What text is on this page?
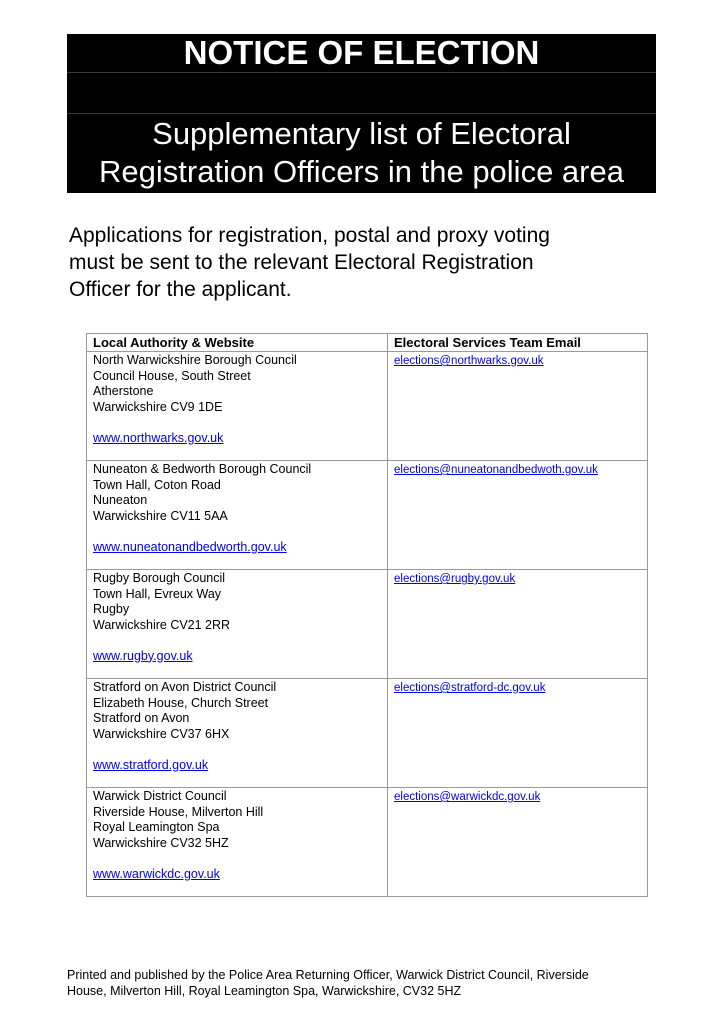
NOTICE OF ELECTION
Supplementary list of Electoral
Registration Officers in the police area
Applications for registration, postal and proxy voting
must be sent to the relevant Electoral Registration
Officer for the applicant.
Local Authority & Website	Electoral Services Team Email

North Warwickshire Borough Council
Council House, South Street
Atherstone
Warwickshire CV9 1DE
www.northwarks.gov.uk	elections@northwarks.gov.uk

Nuneaton & Bedworth Borough Council
Town Hall, Coton Road
Nuneaton
Warwickshire CV11 5AA
www.nuneatonandbedworth.gov.uk	elections@nuneatonandbedwoth.gov.uk

Rugby Borough Council
Town Hall, Evreux Way
Rugby
Warwickshire CV21 2RR
www.rugby.gov.uk	elections@rugby.gov.uk

Stratford on Avon District Council
Elizabeth House, Church Street
Stratford on Avon
Warwickshire CV37 6HX
www.stratford.gov.uk	elections@stratford-dc.gov.uk

Warwick District Council
Riverside House, Milverton Hill
Royal Leamington Spa
Warwickshire CV32 5HZ
www.warwickdc.gov.uk	elections@warwickdc.gov.uk
Printed and published by the Police Area Returning Officer, Warwick District Council, Riverside
House, Milverton Hill, Royal Leamington Spa, Warwickshire, CV32 5HZ
